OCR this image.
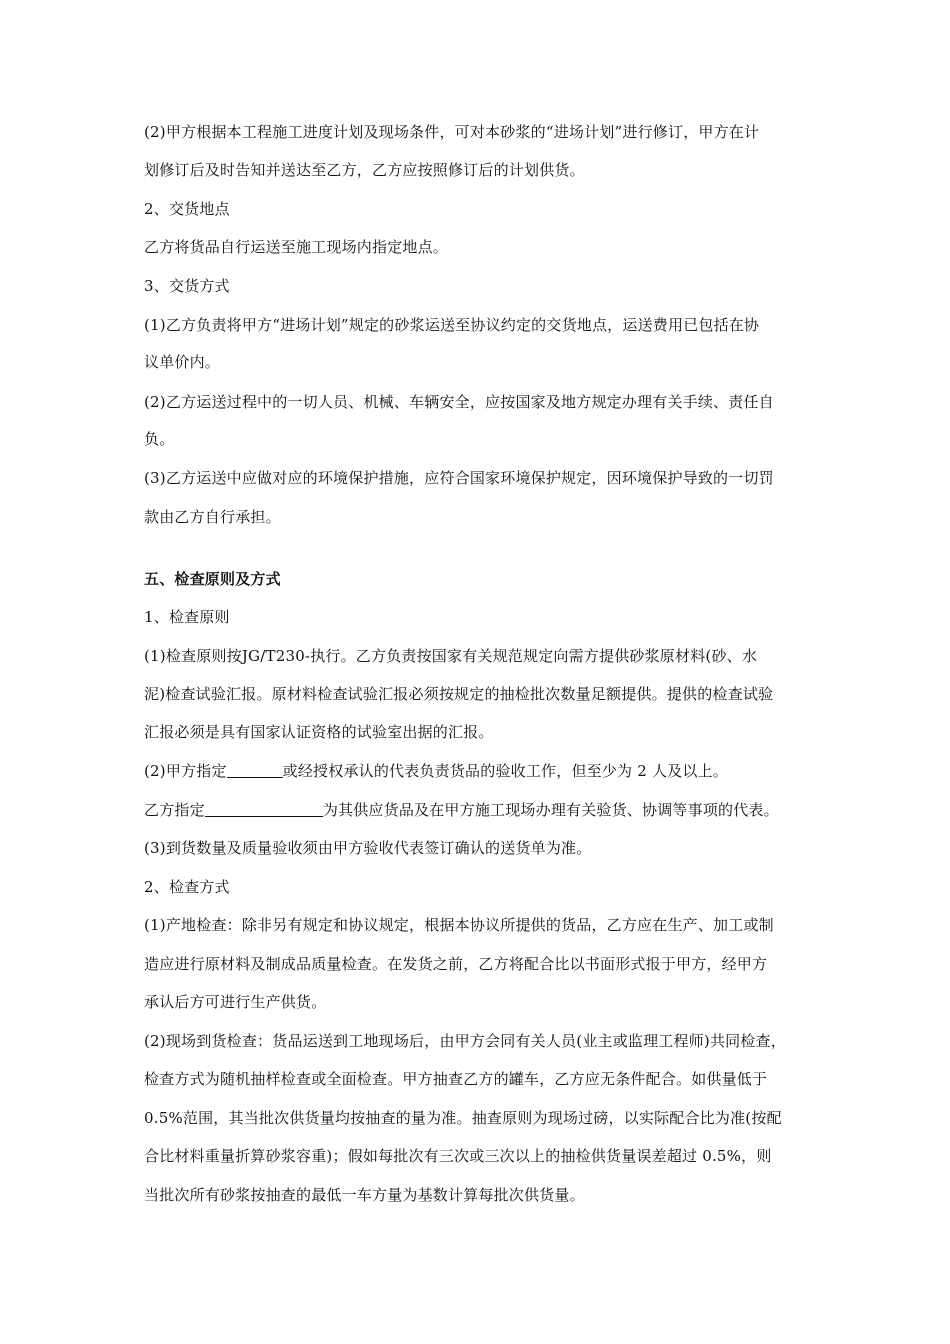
(2)甲方根据本工程施工进度计划及现场条件，可对本砂浆的“进场计划”进行修订，甲方在计
划修订后及时告知并送达至乙方，乙方应按照修订后的计划供货。
2、交货地点
乙方将货品自行运送至施工现场内指定地点。
3、交货方式
(1)乙方负责将甲方“进场计划”规定的砂浆运送至协议约定的交货地点，运送费用已包括在协
议单价内。
(2)乙方运送过程中的一切人员、机械、车辆安全，应按国家及地方规定办理有关手续、责任自
负。
(3)乙方运送中应做对应的环境保护措施，应符合国家环境保护规定，因环境保护导致的一切罚
款由乙方自行承担。
五、检查原则及方式
1、检查原则
(1)检查原则按JG/T230-执行。乙方负责按国家有关规范规定向需方提供砂浆原材料(砂、水
泥)检查试验汇报。原材料检查试验汇报必须按规定的抽检批次数量足额提供。提供的检查试验
汇报必须是具有国家认证资格的试验室出据的汇报。
(2)甲方指定	或经授权承认的代表负责货品的验收工作，但至少为 2 人及以上。
乙方指定	为其供应货品及在甲方施工现场办理有关验货、协调等事项的代表。
(3)到货数量及质量验收须由甲方验收代表签订确认的送货单为准。
2、检查方式
(1)产地检查：除非另有规定和协议规定，根据本协议所提供的货品，乙方应在生产、加工或制
造应进行原材料及制成品质量检查。在发货之前，乙方将配合比以书面形式报于甲方，经甲方
承认后方可进行生产供货。
(2)现场到货检查：货品运送到工地现场后，由甲方会同有关人员(业主或监理工程师)共同检查，
检查方式为随机抽样检查或全面检查。甲方抽查乙方的罐车，乙方应无条件配合。如供量低于
0.5%范围，其当批次供货量均按抽查的量为准。抽查原则为现场过磅，以实际配合比为准(按配
合比材料重量折算砂浆容重)；假如每批次有三次或三次以上的抽检供货量误差超过 0.5%，则
当批次所有砂浆按抽查的最低一车方量为基数计算每批次供货量。
